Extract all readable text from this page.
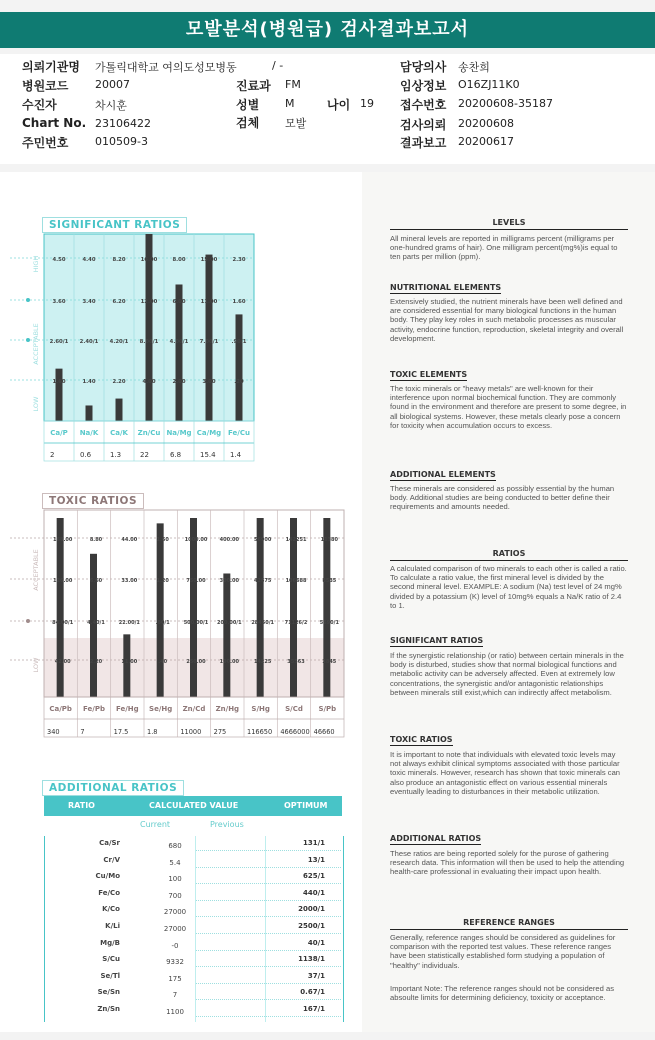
모발분석(병원급) 검사결과보고서
의뢰기관명 가톨릭대학교 여의도성모병동	/ -
병원코드 20007
수진자	차시훈
Chart No. 23106422
주민번호 010509-3
진료과 FM
성별 M	나이 19
검체 모발
담당의사 송찬희
임상정보 O16ZJ11K0
접수번호 20200608-35187
검사의뢰 20200608
결과보고 20200617
SIGNIFICANT RATIOS
HIGH
ACCEPTABLE
LOW
4.50
3.60
2.60/1
1.60
Ca/P
2
4.40
3.40
2.40/1
1.40
Na/K
0.6
8.20
6.20
4.20/1
2.20
Ca/K
1.3
16.00
12.00
8.00/1
4.00
Zn/Cu
22
8.00
6.00
4.00/1
2.00
Na/Mg
6.8
15.00
11.00
7.00/1
3.00
Ca/Mg
15.4
2.30
1.60
.90/1
.20
Fe/Cu
1.4
TOXIC RATIOS
ACCEPTABLE
LOW
168.00
126.00
84.00/1
42.00
Ca/Pb
340
8.80
6.60
4.40/1
2.20
Fe/Pb
7
44.00
33.00
22.00/1
11.00
Fe/Hg
17.5
1.60
1.20
.80/1
.40
Se/Hg
1.8
1000.00
750.00
500.00/1
250.00
Zn/Cd
11000
400.00
300.00
200.00/1
100.00
Zn/Hg
275
56900
42675
28450/1
14225
S/Hg
116650
142251
106688
71126/2
35563
S/Cd
4666000
11380
8535
5690/1
2845
S/Pb
46660
ADDITIONAL RATIOS
RATIO	CALCULATED VALUE	OPTIMUM
Current	Previous
Ca/Sr	680	131/1
Cr/V	5.4	13/1
Cu/Mo	100	625/1
Fe/Co	700	440/1
K/Co	27000	2000/1
K/Li	27000	2500/1
Mg/B	-0	40/1
S/Cu	9332	1138/1
Se/Tl	175	37/1
Se/Sn	7	0.67/1
Zn/Sn	1100	167/1
LEVELS
All mineral levels are reported in milligrams percent (milligrams per one-hundred grams of hair). One milligram percent(mg%)is equal to ten parts per million (ppm).
NUTRITIONAL ELEMENTS
Extensively studied, the nutrient minerals have been well defined and are considered essential for many biological functions in the human body. They play key roles in such metabolic processes as muscular activity, endocrine function, reproduction, skeletal integrity and overall development.
TOXIC ELEMENTS
The toxic minerals or "heavy metals" are well-known for their interference upon normal biochemical function. They are commonly found in the environment and therefore are present to some degree, in all biological systems. However, these metals clearly pose a concern for toxicity when accumulation occurs to excess.
ADDITIONAL ELEMENTS
These minerals are considered as possibly essential by the human body. Additional studies are being conducted to better define their requirements and amounts needed.
RATIOS
A calculated comparison of two minerals to each other is called a ratio. To calculate a ratio value, the first mineral level is divided by the second mineral level. EXAMPLE: A sodium (Na) test level of 24 mg% divided by a potassium (K) level of 10mg% equals a Na/K ratio of 2.4 to 1.
SIGNIFICANT RATIOS
If the synergistic relationship (or ratio) between certain minerals in the body is disturbed, studies show that normal biological functions and metabolic activity can be adversely affected. Even at extremely low concentrations, the synergistic and/or antagonistic relationships between minerals still exist,which can indirectly affect metabolism.
TOXIC RATIOS
It is important to note that individuals with elevated toxic levels may not always exhibit clinical symptoms associated with those particular toxic minerals. However, research has shown that toxic minerals can also produce an antagonistic effect on various essential minerals eventually leading to disturbances in their metabolic utilization.
ADDITIONAL RATIOS
These ratios are being reported solely for the purose of gathering research data. This information will then be used to help the attending health-care professional in evaluating their impact upon health.
REFERENCE RANGES
Generally, reference ranges should be considered as guidelines for comparison with the reported test values. These reference ranges have been statistically established form studying a population of "healthy" individuals.
Important Note: The reference ranges should not be considered as absoulte limits for determining deficiency, toxicity or acceptance.
